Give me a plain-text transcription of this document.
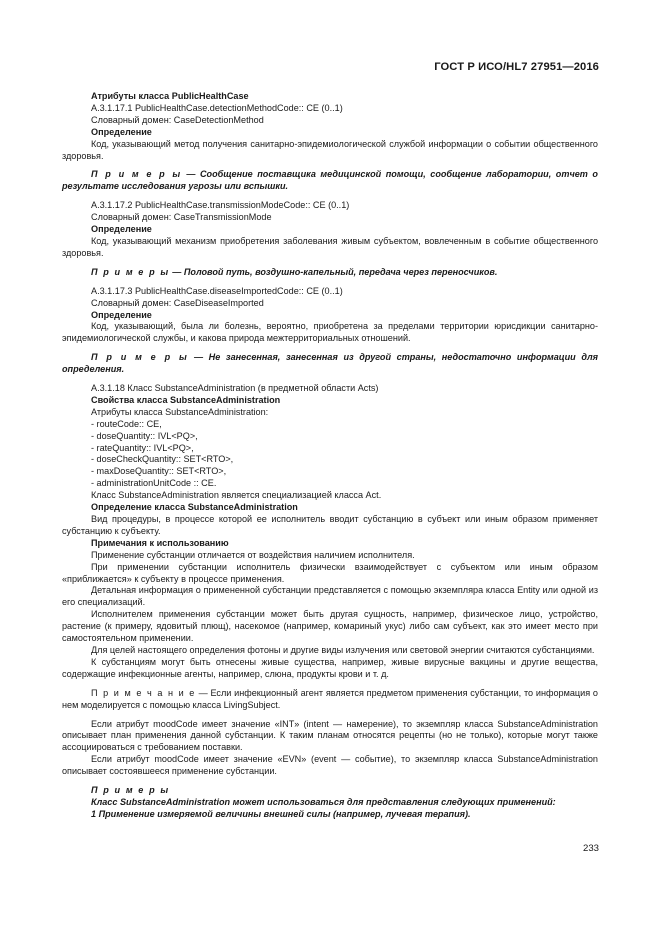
ГОСТ Р ИСО/HL7 27951—2016
Атрибуты класса PublicHealthCase
A.3.1.17.1 PublicHealthCase.detectionMethodCode:: CE (0..1)
Словарный домен: CaseDetectionMethod
Определение
Код, указывающий метод получения санитарно-эпидемиологической службой информации о событии общественного здоровья.
П р и м е р ы — Сообщение поставщика медицинской помощи, сообщение лаборатории, отчет о результате исследования угрозы или вспышки.
A.3.1.17.2 PublicHealthCase.transmissionModeCode:: CE (0..1)
Словарный домен: CaseTransmissionMode
Определение
Код, указывающий механизм приобретения заболевания живым субъектом, вовлеченным в событие общественного здоровья.
П р и м е р ы — Половой путь, воздушно-капельный, передача через переносчиков.
A.3.1.17.3 PublicHealthCase.diseaseImportedCode:: CE (0..1)
Словарный домен: CaseDiseaseImported
Определение
Код, указывающий, была ли болезнь, вероятно, приобретена за пределами территории юрисдикции санитарно-эпидемиологической службы, и какова природа межтерриториальных отношений.
П р и м е р ы — Не занесенная, занесенная из другой страны, недостаточно информации для определения.
A.3.1.18 Класс SubstanceAdministration (в предметной области Acts)
Свойства класса SubstanceAdministration
Атрибуты класса SubstanceAdministration:
- routeCode:: CE,
- doseQuantity:: IVL<PQ>,
- rateQuantity:: IVL<PQ>,
- doseCheckQuantity:: SET<RTO>,
- maxDoseQuantity:: SET<RTO>,
- administrationUnitCode :: CE.
Класс SubstanceAdministration является специализацией класса Act.
Определение класса SubstanceAdministration
Вид процедуры, в процессе которой ее исполнитель вводит субстанцию в субъект или иным образом применяет субстанцию к субъекту.
Примечания к использованию
Применение субстанции отличается от воздействия наличием исполнителя.
При применении субстанции исполнитель физически взаимодействует с субъектом или иным образом «приближается» к субъекту в процессе применения.
Детальная информация о примененной субстанции представляется с помощью экземпляра класса Entity или одной из его специализаций.
Исполнителем применения субстанции может быть другая сущность, например, физическое лицо, устройство, растение (к примеру, ядовитый плющ), насекомое (например, комариный укус) либо сам субъект, как это имеет место при самостоятельном применении.
Для целей настоящего определения фотоны и другие виды излучения или световой энергии считаются субстанциями.
К субстанциям могут быть отнесены живые существа, например, живые вирусные вакцины и другие вещества, содержащие инфекционные агенты, например, слюна, продукты крови и т. д.
П р и м е ч а н и е — Если инфекционный агент является предметом применения субстанции, то информация о нем моделируется с помощью класса LivingSubject.
Если атрибут moodCode имеет значение «INT» (intent — намерение), то экземпляр класса SubstanceAdministration описывает план применения данной субстанции. К таким планам относятся рецепты (но не только), которые могут также ассоциироваться с требованием поставки.
Если атрибут moodCode имеет значение «EVN» (event — событие), то экземпляр класса SubstanceAdministration описывает состоявшееся применение субстанции.
П р и м е р ы
Класс SubstanceAdministration может использоваться для представления следующих применений:
1 Применение измеряемой величины внешней силы (например, лучевая терапия).
233
